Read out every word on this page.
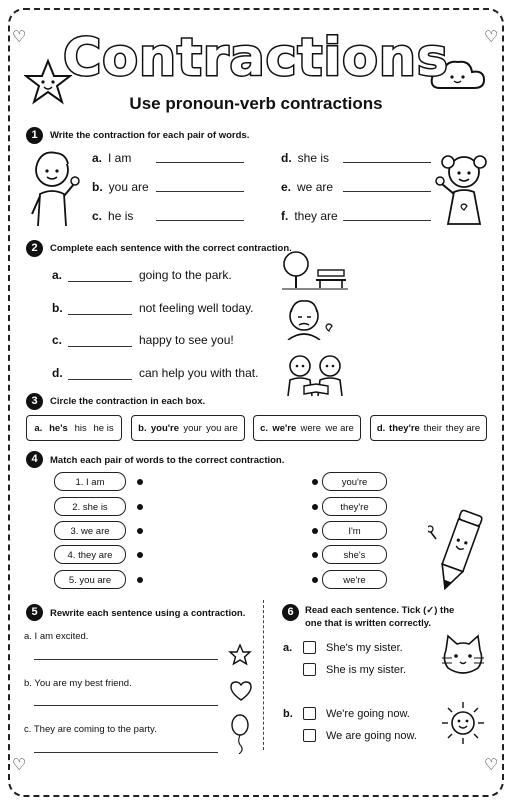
♡	♡
♡	♡
Contractions
Use pronoun-verb contractions
1	Write the contraction for each pair of words.
a. I am
b. you are
c. he is
d. she is
e. we are
f. they are
2	Complete each sentence with the correct contraction.
a.	going to the park.
b.	not feeling well today.
c.	happy to see you!
d.	can help you with that.
3	Circle the contraction in each box.
a. he's his he is	b. you're your you are c. we're were we are d. they're their they are
4	Match each pair of words to the correct contraction.
1. I am
2. she is
3. we are
4. they are
5. you are
you're
they're
I'm
she's
we're
5	Rewrite each sentence using a contraction.
a. I am excited.
b. You are my best friend.
c. They are coming to the party.
6	Read each sentence. Tick (✓) the one that is written correctly.
a.	She's my sister.
She is my sister.
b.	We're going now.
We are going now.
